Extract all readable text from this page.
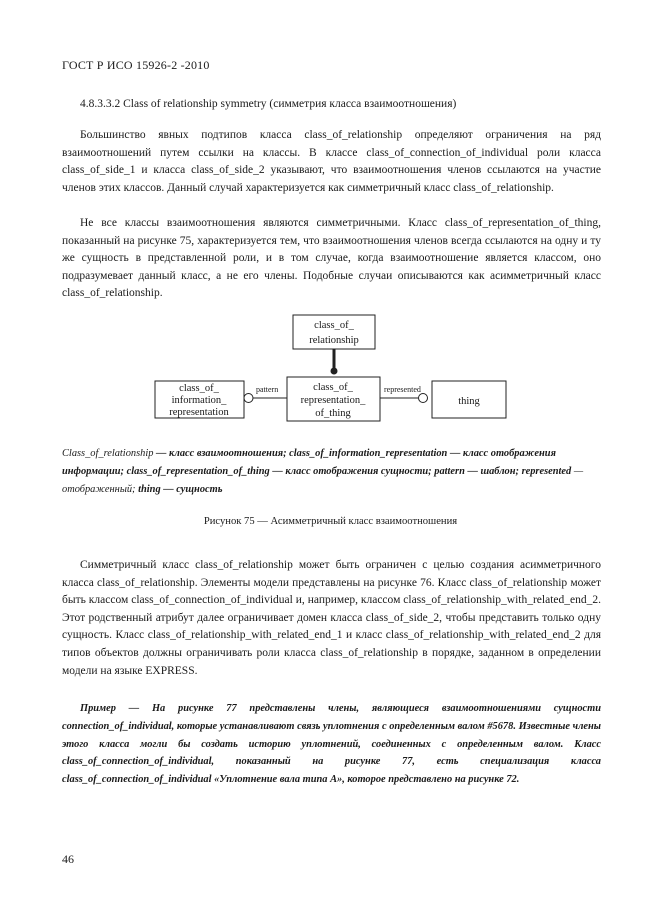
ГОСТ Р ИСО 15926-2 -2010
4.8.3.3.2 Class of relationship symmetry (симметрия класса взаимоотношения)

Большинство явных подтипов класса class_of_relationship определяют ограничения на ряд взаимоотношений путем ссылки на классы. В классе class_of_connection_of_individual роли класса class_of_side_1 и класса class_of_side_2 указывают, что взаимоотношения членов ссылаются на участие членов этих классов. Данный случай характеризуется как симметричный класс class_of_relationship.

Не все классы взаимоотношения являются симметричными. Класс class_of_representation_of_thing, показанный на рисунке 75, характеризуется тем, что взаимоотношения членов всегда ссылаются на одну и ту же сущность в представленной роли, и в том случае, когда взаимоотношение является классом, оно подразумевает данный класс, а не его члены. Подобные случаи описываются как асимметричный класс class_of_relationship.

class_of_
relationship
class_of_
representation_
of_thing
class_of_
information_
representation
thing
pattern	represented

Class_of_relationship — класс взаимоотношения; class_of_information_representation — класс отображения информации; class_of_representation_of_thing — класс отображения сущности; pattern — шаблон; represented — отображенный; thing — сущность

Рисунок 75 — Асимметричный класс взаимоотношения

Симметричный класс class_of_relationship может быть ограничен с целью создания асимметричного класса class_of_relationship. Элементы модели представлены на рисунке 76. Класс class_of_relationship может быть классом class_of_connection_of_individual и, например, классом class_of_relationship_with_related_end_2. Этот родственный атрибут далее ограничивает домен класса class_of_side_2, чтобы представить только одну сущность. Класс class_of_relationship_with_related_end_1 и класс class_of_relationship_with_related_end_2 для типов объектов должны ограничивать роли класса class_of_relationship в порядке, заданном в определении модели на языке EXPRESS.

Пример — На рисунке 77 представлены члены, являющиеся взаимоотношениями сущности connection_of_individual, которые устанавливают связь уплотнения с определенным валом #5678. Известные члены этого класса могли бы создать историю уплотнений, соединенных с определенным валом. Класс class_of_connection_of_individual, показанный на рисунке 77, есть специализация класса class_of_connection_of_individual «Уплотнение вала типа А», которое представлено на рисунке 72.

46
